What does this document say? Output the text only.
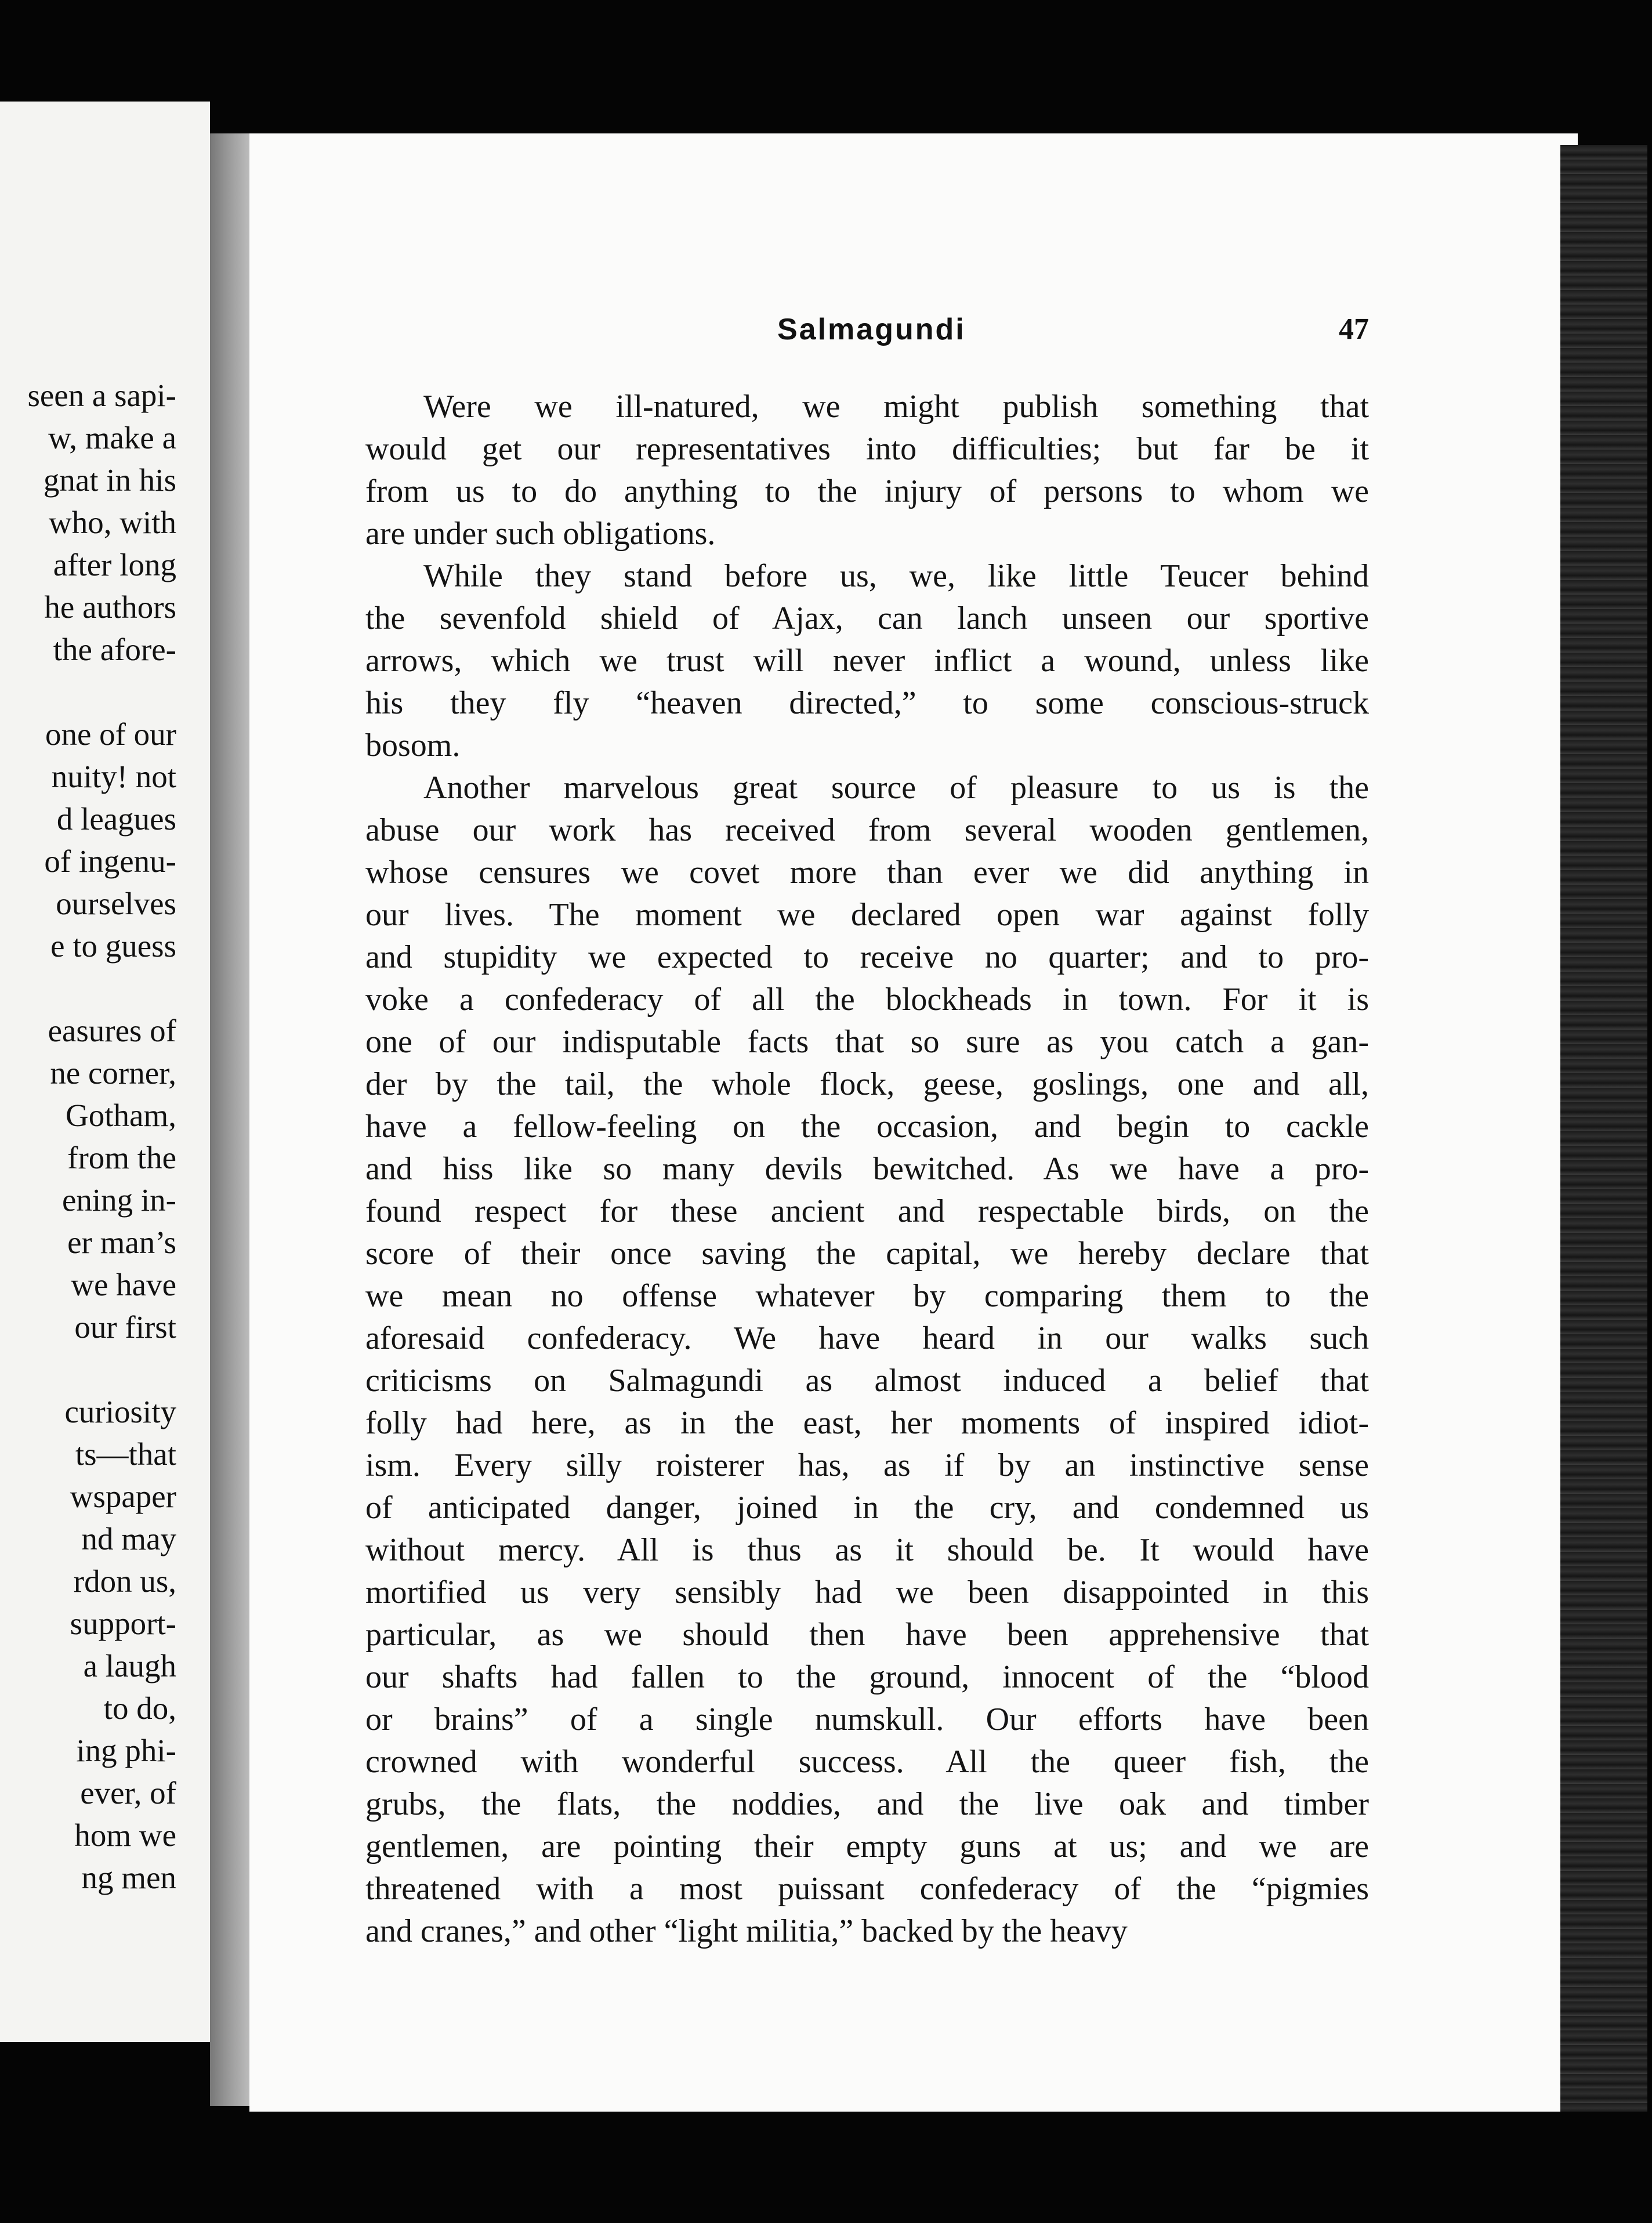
seen a sapi-
w, make a
gnat in his
who, with
after long
he authors
the afore-
one of our
nuity! not
d leagues
of ingenu-
ourselves
e to guess
easures of
ne corner,
Gotham,
from the
ening in-
er man’s
we have
our first
curiosity
ts—that
wspaper
nd may
rdon us,
support-
a laugh
to do,
ing phi-
ever, of
hom we
ng men
Salmagundi	47
Were we ill-natured, we might publish something that
would get our representatives into difficulties; but far be it
from us to do anything to the injury of persons to whom we
are under such obligations.
While they stand before us, we, like little Teucer behind
the sevenfold shield of Ajax, can lanch unseen our sportive
arrows, which we trust will never inflict a wound, unless like
his they fly “heaven directed,” to some conscious-struck
bosom.
Another marvelous great source of pleasure to us is the
abuse our work has received from several wooden gentlemen,
whose censures we covet more than ever we did anything in
our lives. The moment we declared open war against folly
and stupidity we expected to receive no quarter; and to pro-
voke a confederacy of all the blockheads in town. For it is
one of our indisputable facts that so sure as you catch a gan-
der by the tail, the whole flock, geese, goslings, one and all,
have a fellow-feeling on the occasion, and begin to cackle
and hiss like so many devils bewitched. As we have a pro-
found respect for these ancient and respectable birds, on the
score of their once saving the capital, we hereby declare that
we mean no offense whatever by comparing them to the
aforesaid confederacy. We have heard in our walks such
criticisms on Salmagundi as almost induced a belief that
folly had here, as in the east, her moments of inspired idiot-
ism. Every silly roisterer has, as if by an instinctive sense
of anticipated danger, joined in the cry, and condemned us
without mercy. All is thus as it should be. It would have
mortified us very sensibly had we been disappointed in this
particular, as we should then have been apprehensive that
our shafts had fallen to the ground, innocent of the “blood
or brains” of a single numskull. Our efforts have been
crowned with wonderful success. All the queer fish, the
grubs, the flats, the noddies, and the live oak and timber
gentlemen, are pointing their empty guns at us; and we are
threatened with a most puissant confederacy of the “pigmies
and cranes,” and other “light militia,” backed by the heavy
